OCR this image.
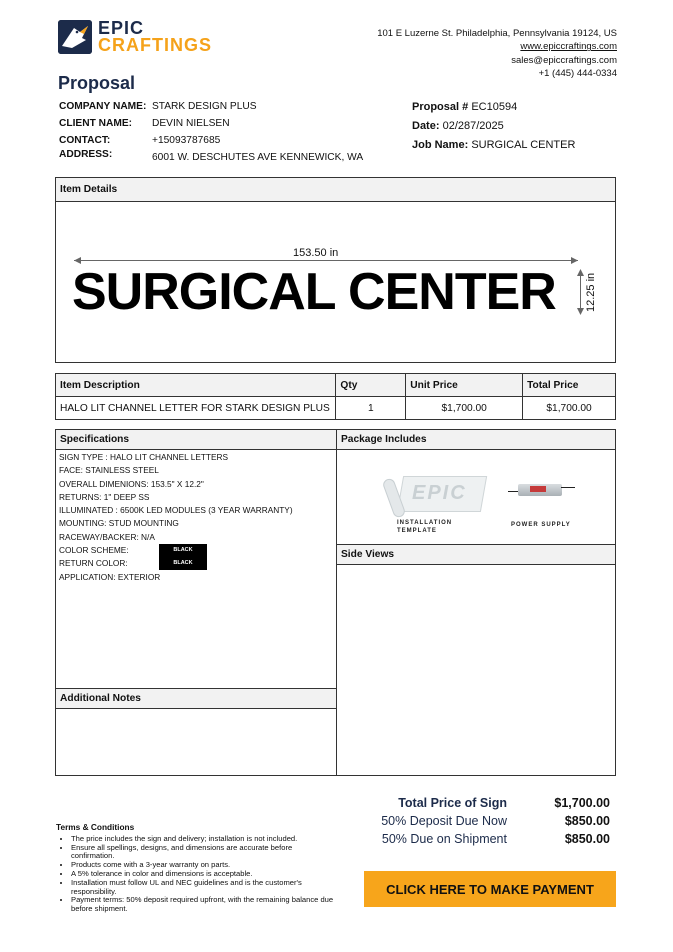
EPIC
CRAFTINGS
101 E Luzerne St. Philadelphia, Pennsylvania 19124, US
www.epiccraftings.com
sales@epiccraftings.com
+1 (445) 444-0334
Proposal
COMPANY NAME: STARK DESIGN PLUS
CLIENT NAME:	DEVIN NIELSEN
CONTACT:	+15093787685
ADDRESS:	6001 W. DESCHUTES AVE KENNEWICK, WA
Proposal # EC10594
Date: 02/287/2025
Job Name: SURGICAL CENTER
Item Details
153.50 in
SURGICAL CENTER	12.25 in
Item Description	Qty	Unit Price	Total Price
HALO LIT CHANNEL LETTER FOR STARK DESIGN PLUS	1	$1,700.00	$1,700.00
Specifications
SIGN TYPE : HALO LIT CHANNEL LETTERS
FACE: STAINLESS STEEL
OVERALL DIMENIONS: 153.5" X 12.2"
RETURNS: 1" DEEP SS
ILLUMINATED : 6500K LED MODULES (3 YEAR WARRANTY)
MOUNTING: STUD MOUNTING
RACEWAY/BACKER: N/A
COLOR SCHEME:	BLACK
RETURN COLOR:	BLACK
APPLICATION: EXTERIOR
Additional Notes
Package Includes
EPIC
INSTALLATION
TEMPLATE
POWER SUPPLY
Side Views
Total Price of Sign	$1,700.00
50% Deposit Due Now	$850.00
50% Due on Shipment	$850.00
Terms & Conditions
• The price includes the sign and delivery; installation is not included.
• Ensure all spellings, designs, and dimensions are accurate before confirmation.
• Products come with a 3-year warranty on parts.
• A 5% tolerance in color and dimensions is acceptable.
• Installation must follow UL and NEC guidelines and is the customer's responsibility.
• Payment terms: 50% deposit required upfront, with the remaining balance due before shipment.
CLICK HERE TO MAKE PAYMENT
